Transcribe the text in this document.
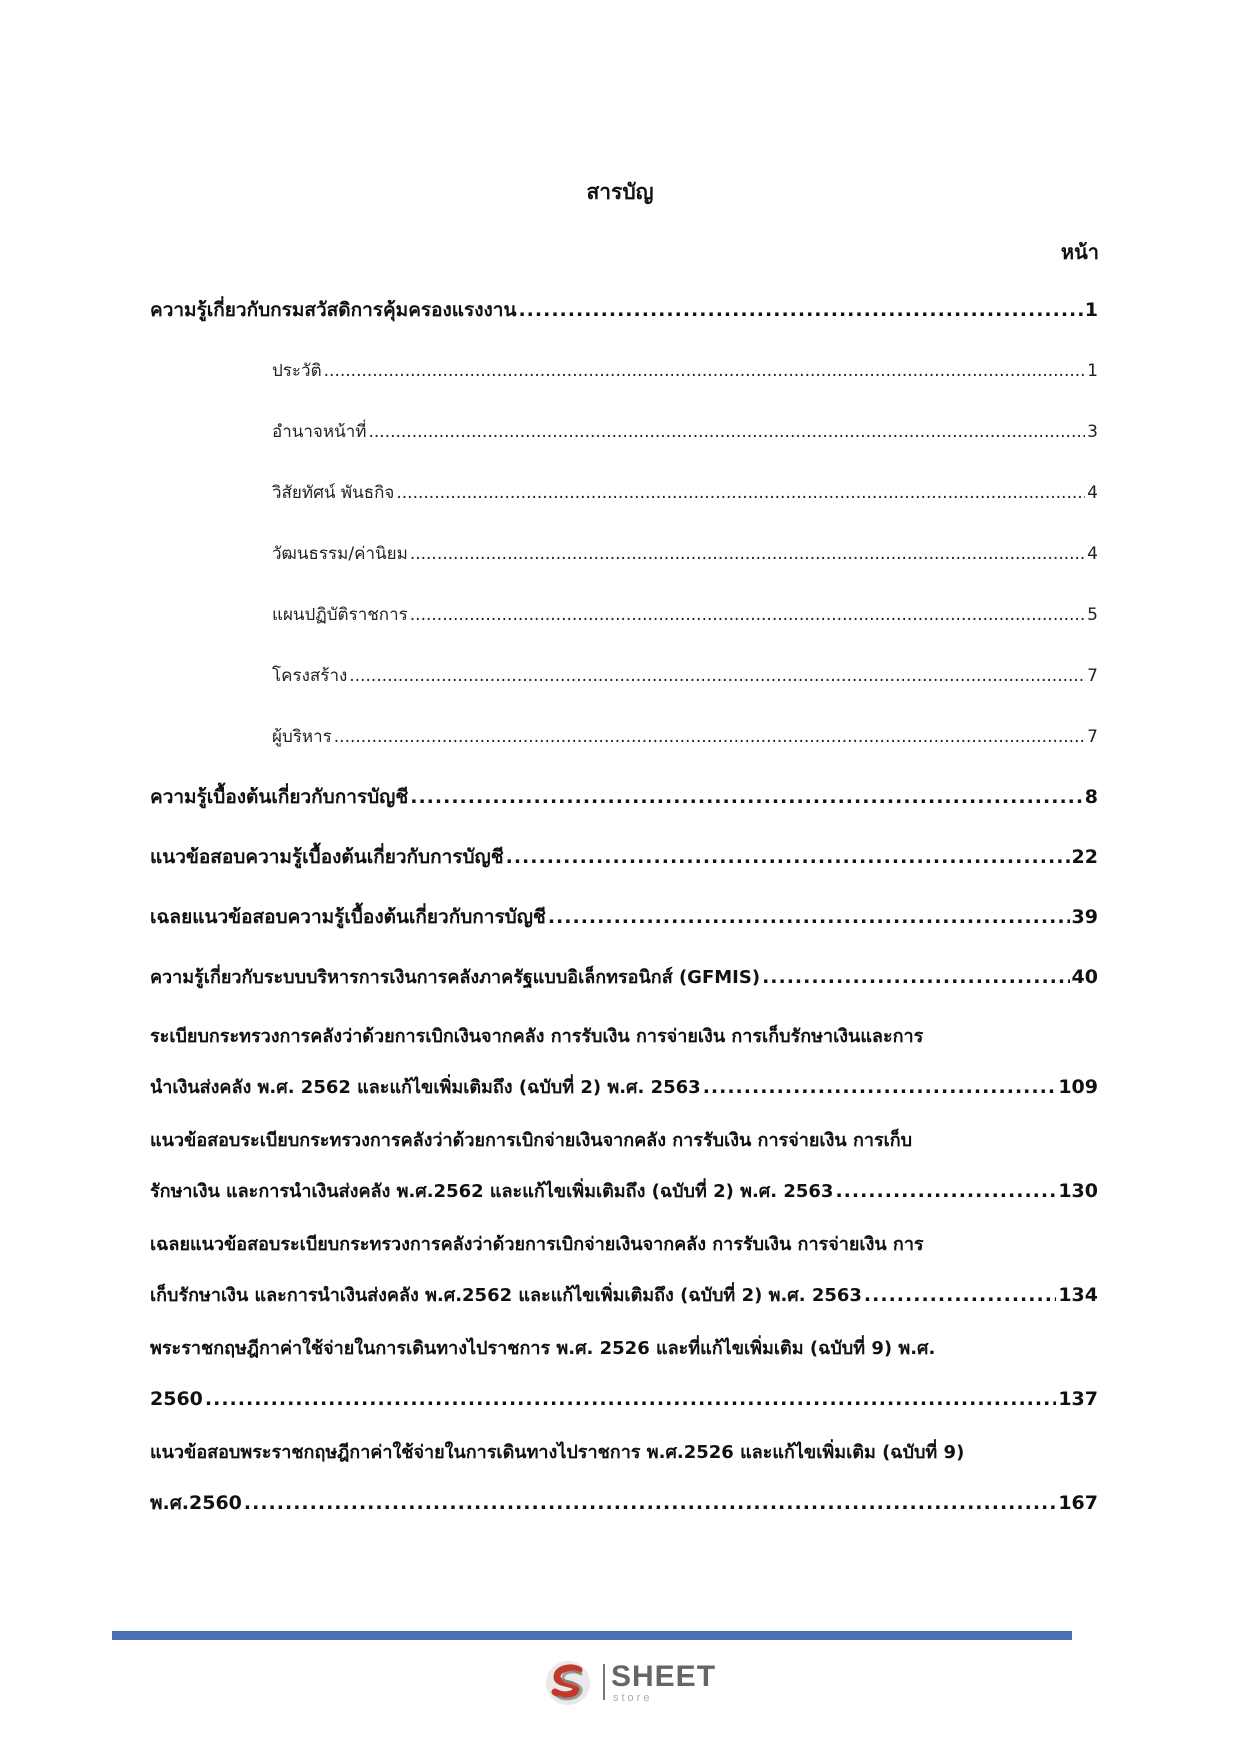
สารบัญ
หน้า
ความรู้เกี่ยวกับกรมสวัสดิการคุ้มครองแรงงาน .....	1
ประวัติ .....	1
อำนาจหน้าที่ .....	3
วิสัยทัศน์ พันธกิจ .....	4
วัฒนธรรม/ค่านิยม .....	4
แผนปฏิบัติราชการ .....	5
โครงสร้าง .....	7
ผู้บริหาร .....	7
ความรู้เบื้องต้นเกี่ยวกับการบัญชี .....	8
แนวข้อสอบความรู้เบื้องต้นเกี่ยวกับการบัญชี .....	22
เฉลยแนวข้อสอบความรู้เบื้องต้นเกี่ยวกับการบัญชี .....	39
ความรู้เกี่ยวกับระบบบริหารการเงินการคลังภาครัฐแบบอิเล็กทรอนิกส์ (GFMIS) .....	40
ระเบียบกระทรวงการคลังว่าด้วยการเบิกเงินจากคลัง การรับเงิน การจ่ายเงิน การเก็บรักษาเงินและการ
นำเงินส่งคลัง พ.ศ. 2562 และแก้ไขเพิ่มเติมถึง (ฉบับที่ 2) พ.ศ. 2563 .....	109
แนวข้อสอบระเบียบกระทรวงการคลังว่าด้วยการเบิกจ่ายเงินจากคลัง การรับเงิน การจ่ายเงิน การเก็บ
รักษาเงิน และการนำเงินส่งคลัง พ.ศ.2562 และแก้ไขเพิ่มเติมถึง (ฉบับที่ 2) พ.ศ. 2563 .....	130
เฉลยแนวข้อสอบระเบียบกระทรวงการคลังว่าด้วยการเบิกจ่ายเงินจากคลัง การรับเงิน การจ่ายเงิน การ
เก็บรักษาเงิน และการนำเงินส่งคลัง พ.ศ.2562 และแก้ไขเพิ่มเติมถึง (ฉบับที่ 2) พ.ศ. 2563 .....	134
พระราชกฤษฎีกาค่าใช้จ่ายในการเดินทางไปราชการ พ.ศ. 2526 และที่แก้ไขเพิ่มเติม (ฉบับที่ 9) พ.ศ.
2560 .....	137
แนวข้อสอบพระราชกฤษฎีกาค่าใช้จ่ายในการเดินทางไปราชการ พ.ศ.2526 และแก้ไขเพิ่มเติม (ฉบับที่ 9)
พ.ศ.2560 .....	167
SHEET
store
